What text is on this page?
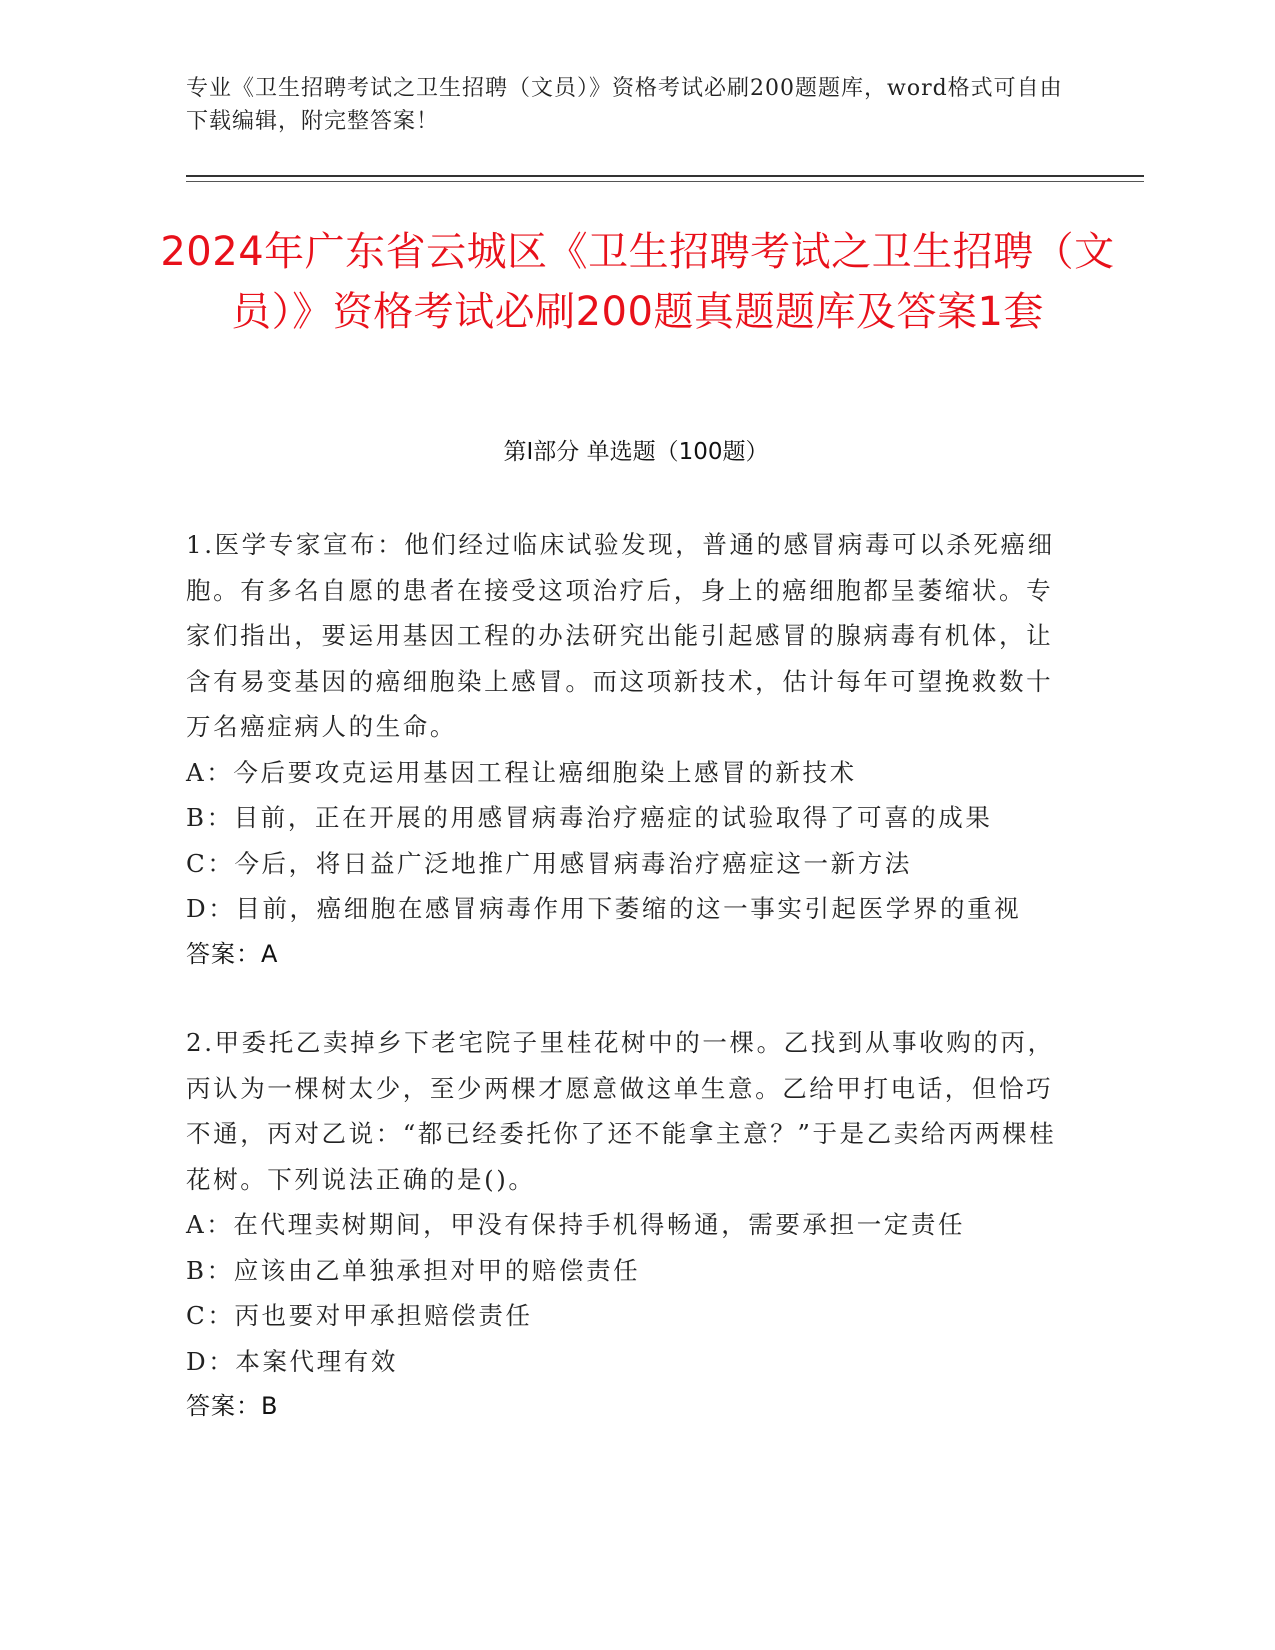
专业《卫生招聘考试之卫生招聘（文员）》资格考试必刷200题题库，word格式可自由下载编辑，附完整答案！
2024年广东省云城区《卫生招聘考试之卫生招聘（文员）》资格考试必刷200题真题题库及答案1套
第Ⅰ部分 单选题（100题）
1.医学专家宣布：他们经过临床试验发现，普通的感冒病毒可以杀死癌细胞。有多名自愿的患者在接受这项治疗后，身上的癌细胞都呈萎缩状。专家们指出，要运用基因工程的办法研究出能引起感冒的腺病毒有机体，让含有易变基因的癌细胞染上感冒。而这项新技术，估计每年可望挽救数十万名癌症病人的生命。
A：今后要攻克运用基因工程让癌细胞染上感冒的新技术
B：目前，正在开展的用感冒病毒治疗癌症的试验取得了可喜的成果
C：今后，将日益广泛地推广用感冒病毒治疗癌症这一新方法
D：目前，癌细胞在感冒病毒作用下萎缩的这一事实引起医学界的重视
答案：A
2.甲委托乙卖掉乡下老宅院子里桂花树中的一棵。乙找到从事收购的丙，丙认为一棵树太少，至少两棵才愿意做这单生意。乙给甲打电话，但恰巧不通，丙对乙说：“都已经委托你了还不能拿主意？”于是乙卖给丙两棵桂花树。下列说法正确的是()。
A：在代理卖树期间，甲没有保持手机得畅通，需要承担一定责任
B：应该由乙单独承担对甲的赔偿责任
C：丙也要对甲承担赔偿责任
D：本案代理有效
答案：B
